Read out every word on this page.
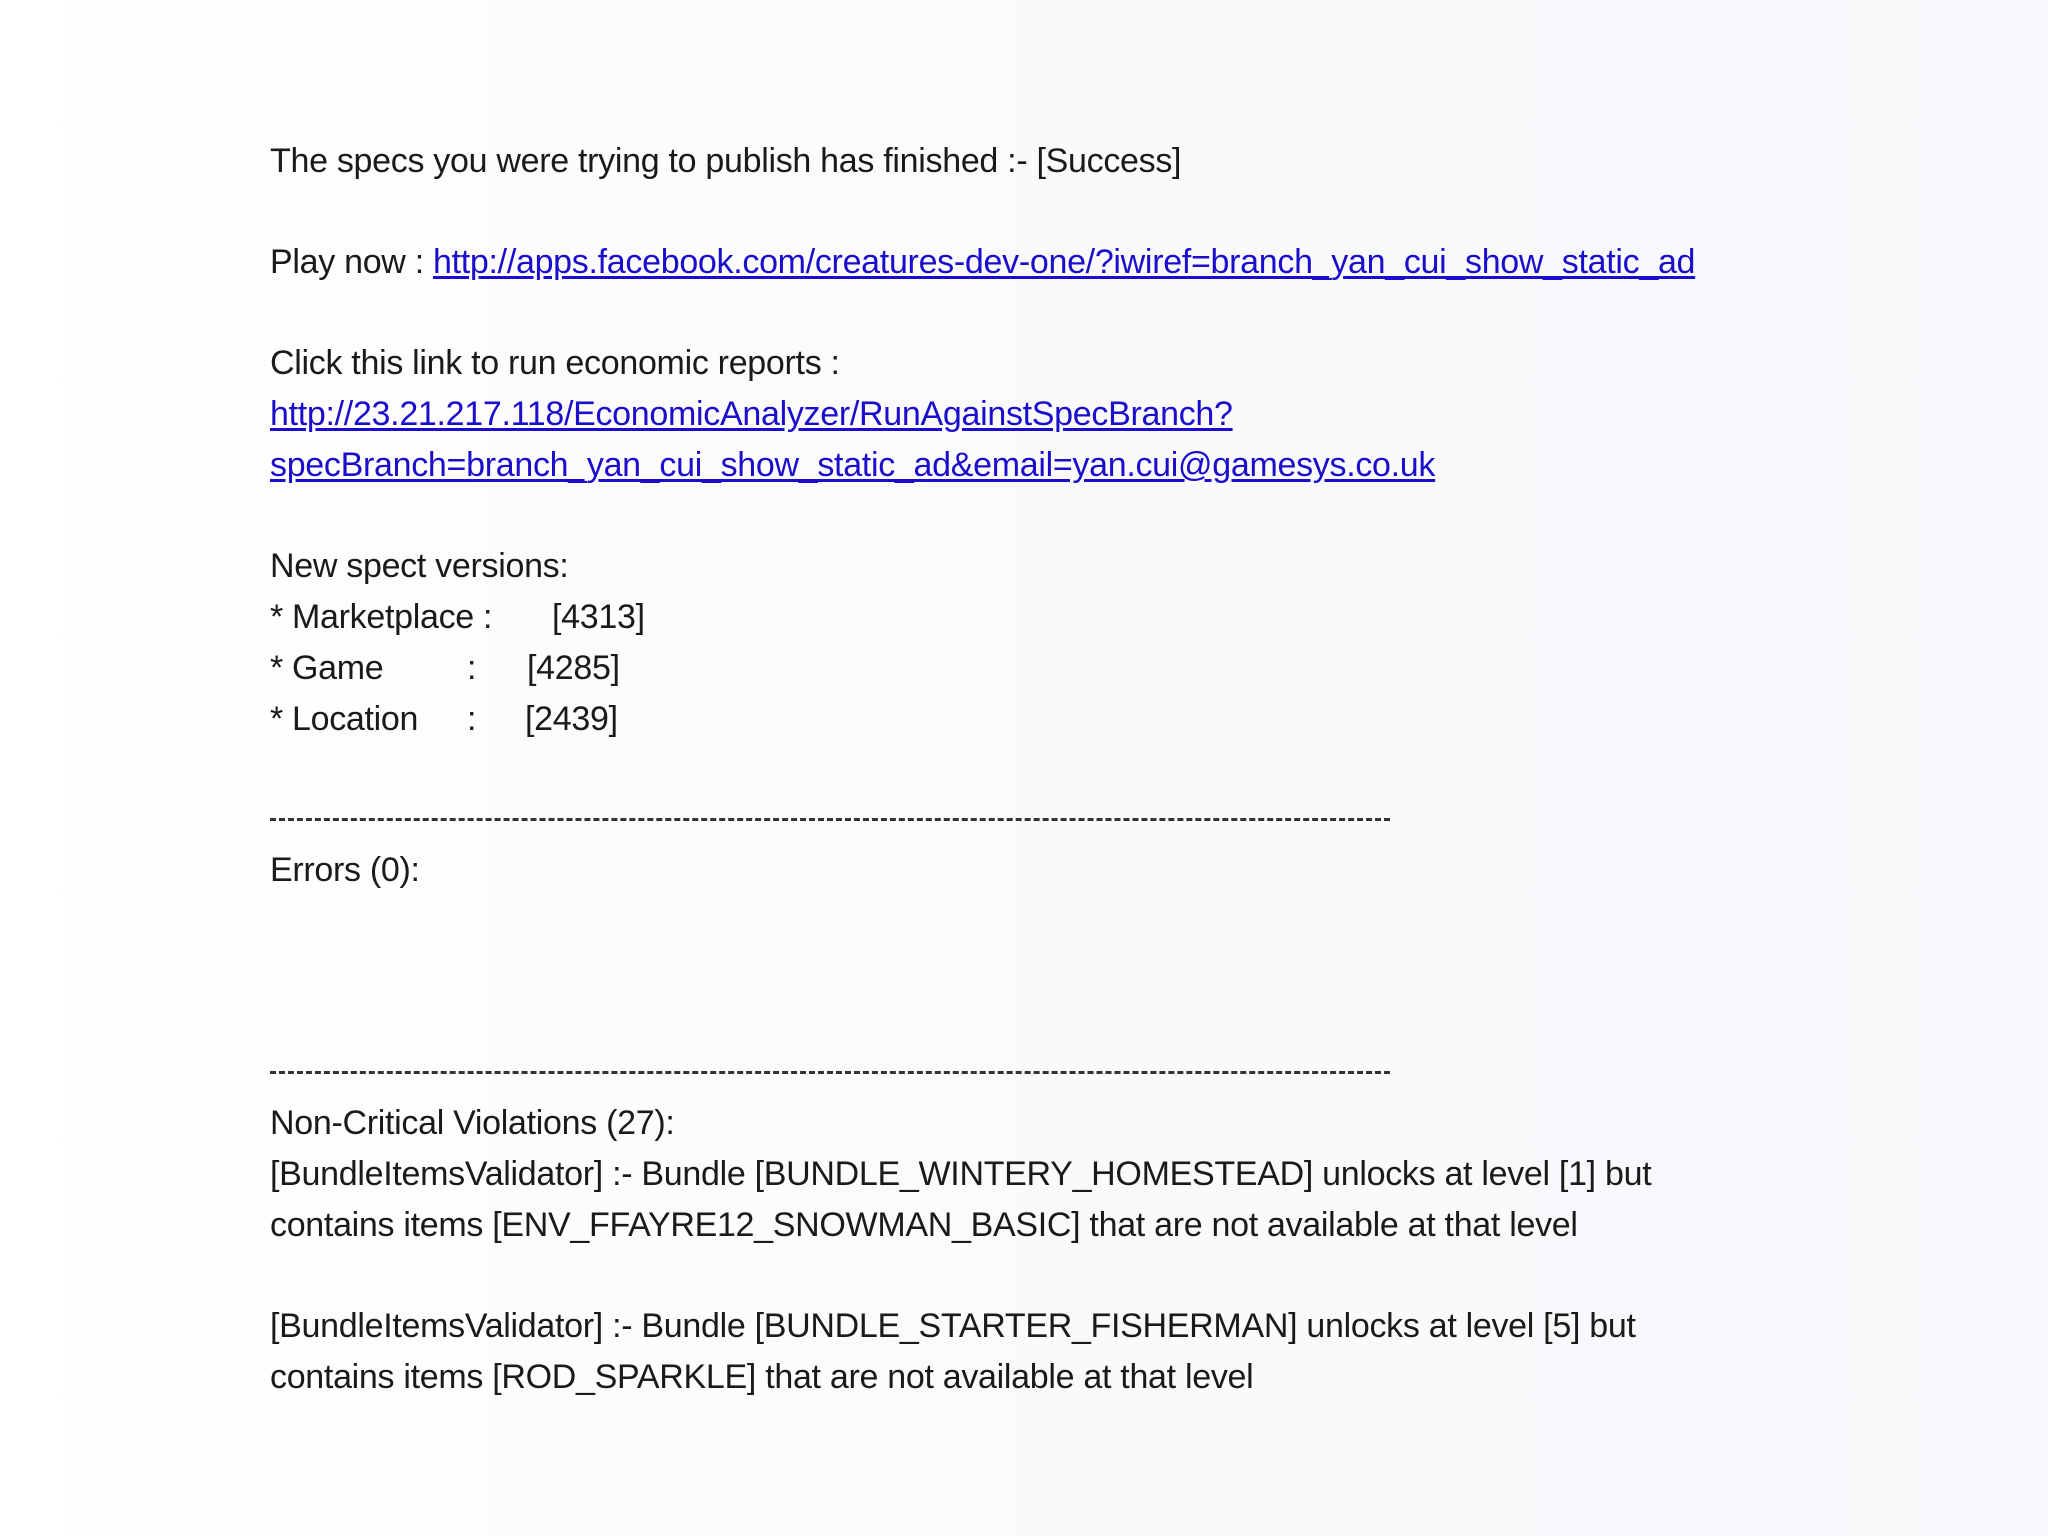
The specs you were trying to publish has finished :- [Success]
Play now : http://apps.facebook.com/creatures-dev-one/?iwiref=branch_yan_cui_show_static_ad
Click this link to run economic reports :
http://23.21.217.118/EconomicAnalyzer/RunAgainstSpecBranch?
specBranch=branch_yan_cui_show_static_ad&email=yan.cui@gamesys.co.uk
New spect versions:
* Marketplace : [4313]
* Game : [4285]
* Location : [2439]
Errors (0):
Non-Critical Violations (27):
[BundleItemsValidator] :- Bundle [BUNDLE_WINTERY_HOMESTEAD] unlocks at level [1] but
contains items [ENV_FFAYRE12_SNOWMAN_BASIC] that are not available at that level
[BundleItemsValidator] :- Bundle [BUNDLE_STARTER_FISHERMAN] unlocks at level [5] but
contains items [ROD_SPARKLE] that are not available at that level
